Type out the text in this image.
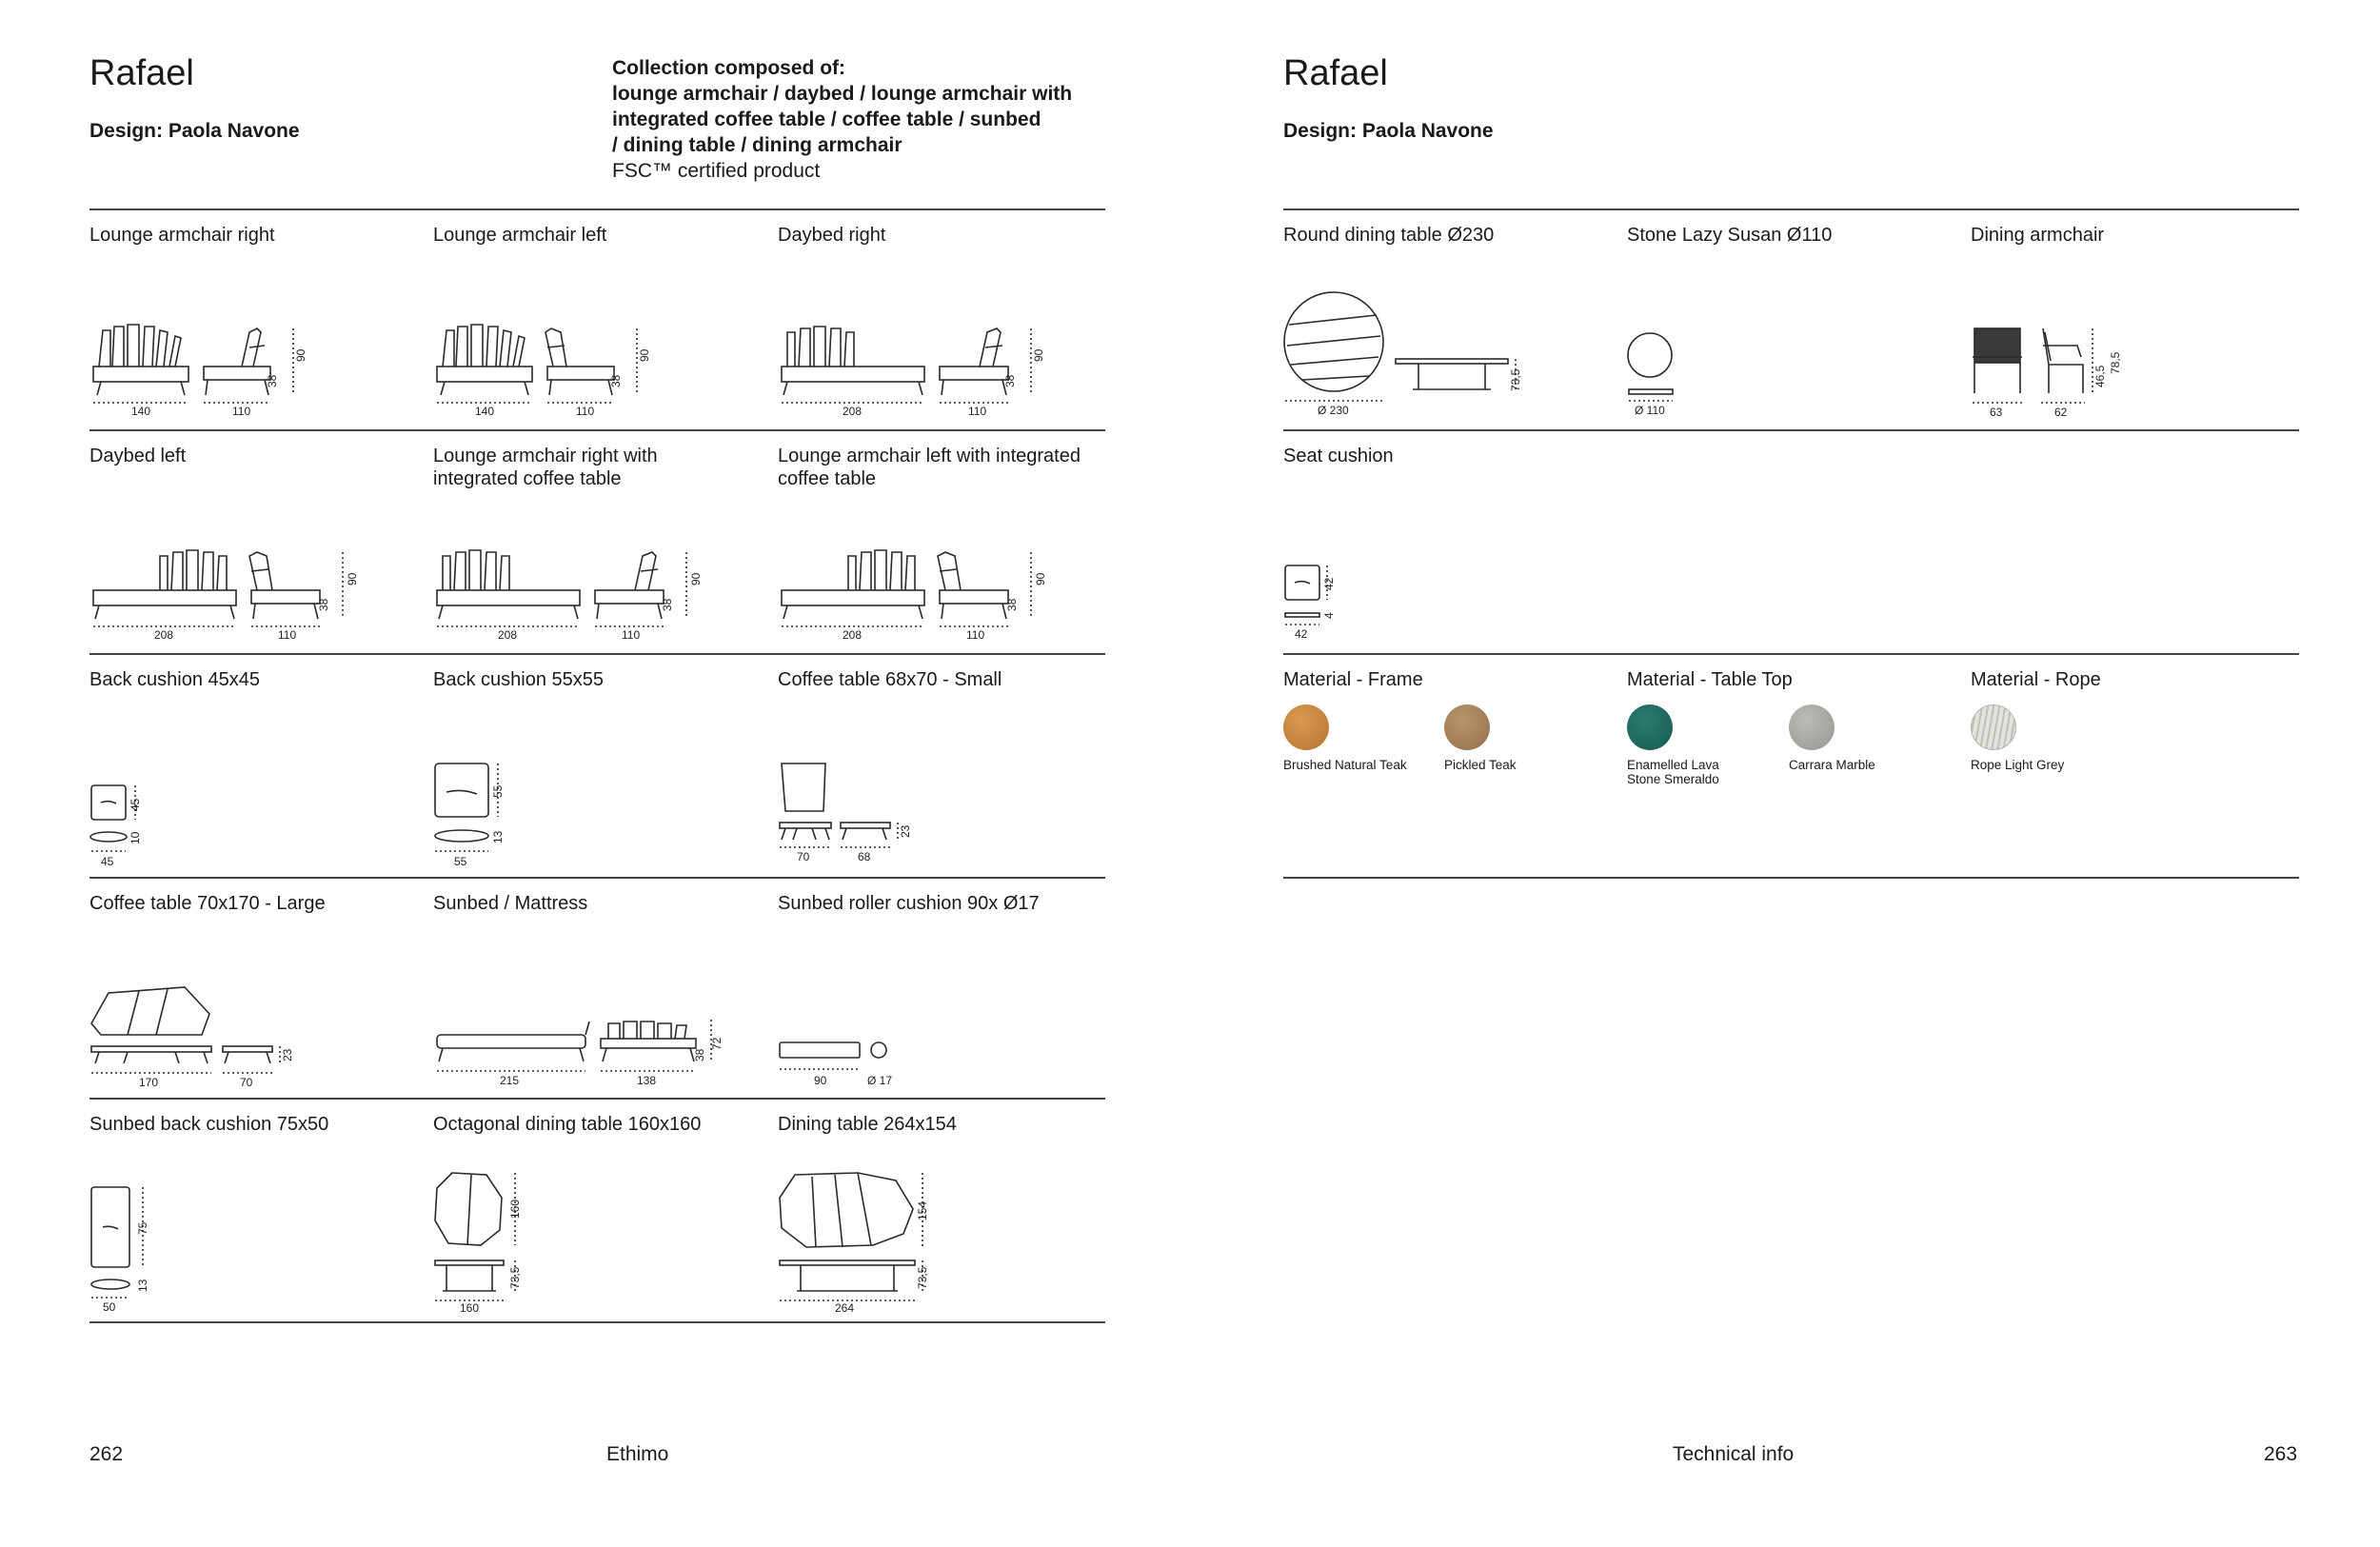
Rafael
Design: Paola Navone
Collection composed of:
lounge armchair / daybed / lounge armchair with
integrated coffee table / coffee table / sunbed
/ dining table / dining armchair
FSC™ certified product
Lounge armchair right
140	110
38
90
Lounge armchair left
140	110
38
90
Daybed right
208	110
38
90
Daybed left
208	110
38
90
Lounge armchair right with integrated coffee table
208	110
38
90
Lounge armchair left with integrated coffee table
208	110
38
90
Back cushion 45x45
45
45
10
Back cushion 55x55
55
55
13
Coffee table 68x70 - Small
70	68
23
Coffee table 70x170 - Large
170	70
23
Sunbed / Mattress
215	138
38
72
Sunbed roller cushion 90x Ø17
90	Ø 17
Sunbed back cushion 75x50
50
75
13
Octagonal dining table 160x160
160
160
73,5
Dining table 264x154
264
154
73,5
262	Ethimo
Rafael
Design: Paola Navone
Round dining table Ø230
Ø 230
73,5
Stone Lazy Susan Ø110
Ø 110
Dining armchair
63	62
46,5
78,5
Seat cushion
42
42
4
Material - Frame
Brushed Natural Teak	Pickled Teak
Material - Table Top
Enamelled Lava Stone Smeraldo
Carrara Marble
Material - Rope
Rope Light Grey
Technical info	263
